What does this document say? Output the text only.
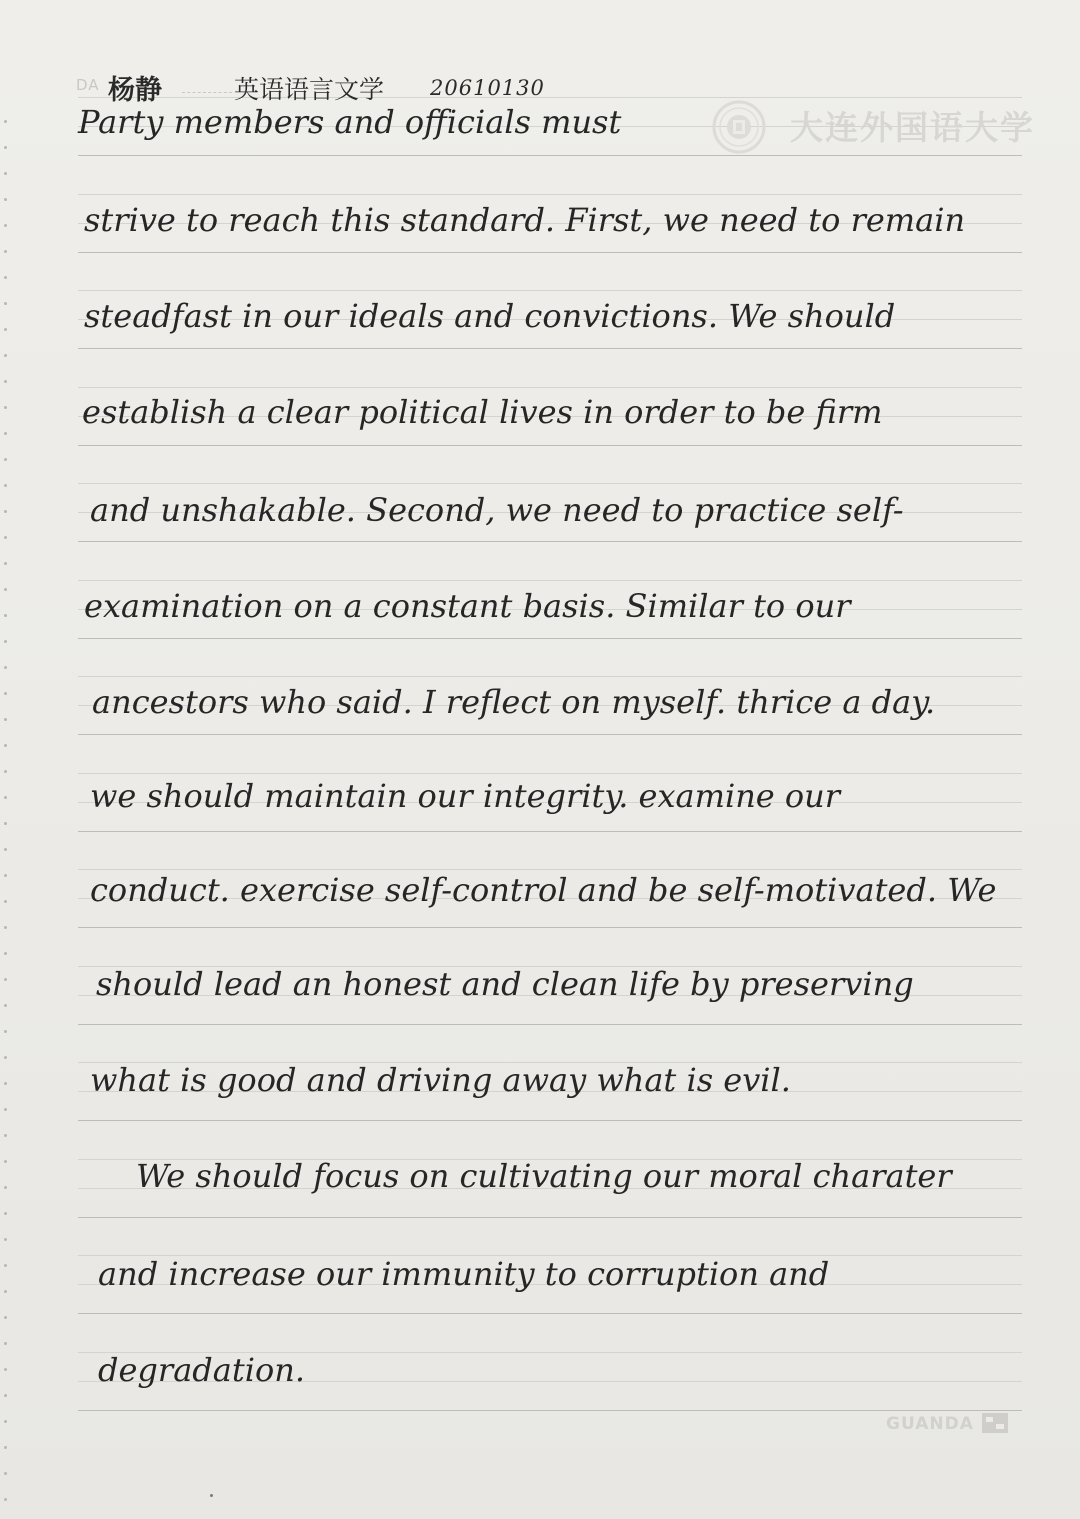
DA 杨静	英语语言文学 20610130
大连外国语大学
Party members and officials must
strive to reach this standard. First, we need to remain
steadfast in our ideals and convictions. We should
establish a clear political lives in order to be firm
and unshakable. Second, we need to practice self-
examination on a constant basis. Similar to our
ancestors who said. I reflect on myself. thrice a day.
we should maintain our integrity. examine our
conduct. exercise self-control and be self-motivated. We
should lead an honest and clean life by preserving
what is good and driving away what is evil.
We should focus on cultivating our moral charater
and increase our immunity to corruption and
degradation.
GUANDA
